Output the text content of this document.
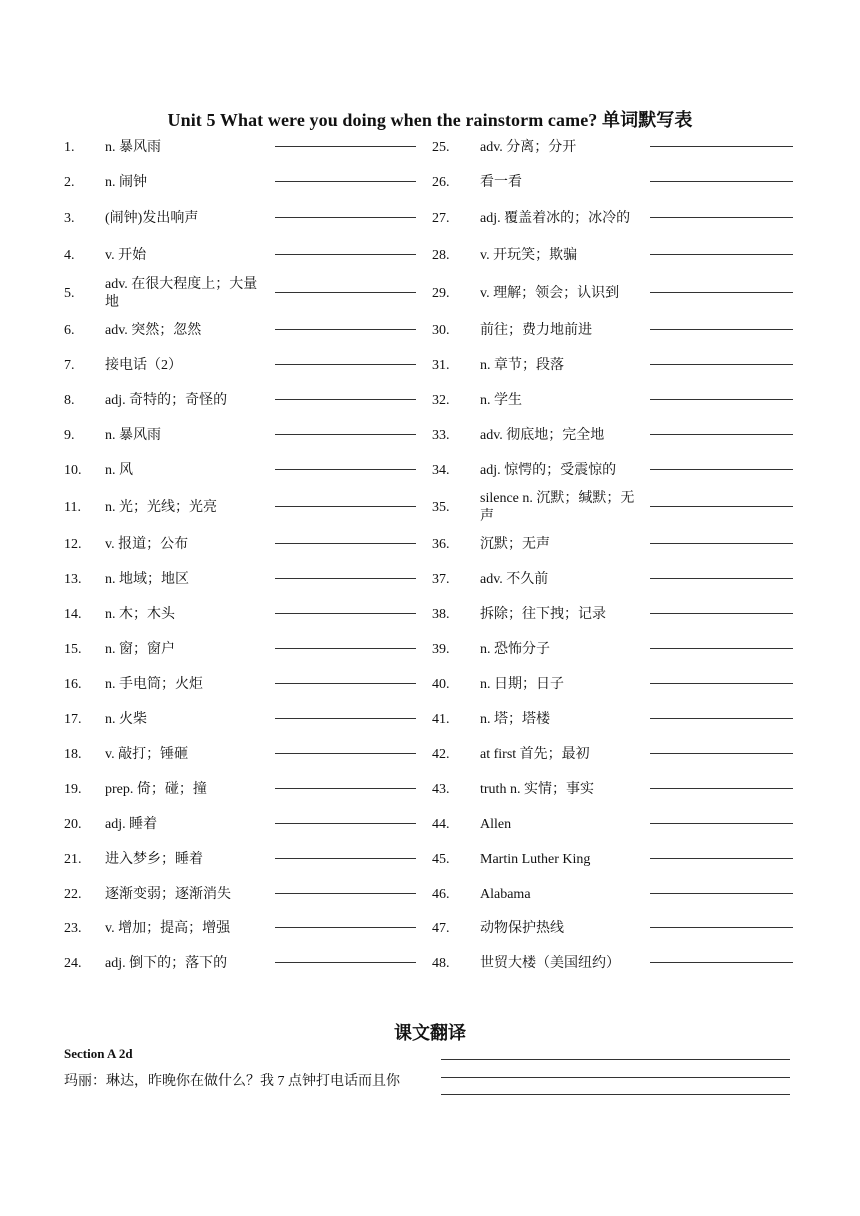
Unit 5 What were you doing when the rainstorm came? 单词默写表
1. n. 暴风雨
2. n. 闹钟
3. (闹钟)发出响声
4. v. 开始
5.
adv. 在很大程度上；大量地
6. adv. 突然；忽然
7. 接电话（2）
8. adj. 奇特的；奇怪的
9. n. 暴风雨
10. n. 风
11. n. 光；光线；光亮
12. v. 报道；公布
13. n. 地域；地区
14. n. 木；木头
15. n. 窗；窗户
16. n. 手电筒；火炬
17. n. 火柴
18. v. 敲打；锤砸
19. prep. 倚；碰；撞
20. adj. 睡着
21. 进入梦乡；睡着
22. 逐渐变弱；逐渐消失
23. v. 增加；提高；增强
24. adj. 倒下的；落下的
25. adv. 分离；分开
26. 看一看
27. adj. 覆盖着冰的；冰冷的
28. v. 开玩笑；欺骗
29. v. 理解；领会；认识到
30. 前往；费力地前进
31. n. 章节；段落
32. n. 学生
33. adv. 彻底地；完全地
34. adj. 惊愕的；受震惊的
35.
silence n. 沉默；缄默；无声
36. 沉默；无声
37. adv. 不久前
38. 拆除；往下拽；记录
39. n. 恐怖分子
40. n. 日期；日子
41. n. 塔；塔楼
42. at first 首先；最初
43. truth n. 实情；事实
44. Allen
45. Martin Luther King
46. Alabama
47. 动物保护热线
48. 世贸大楼（美国纽约）
课文翻译
Section A 2d
玛丽：琳达，昨晚你在做什么？我 7 点钟打电话而且你
